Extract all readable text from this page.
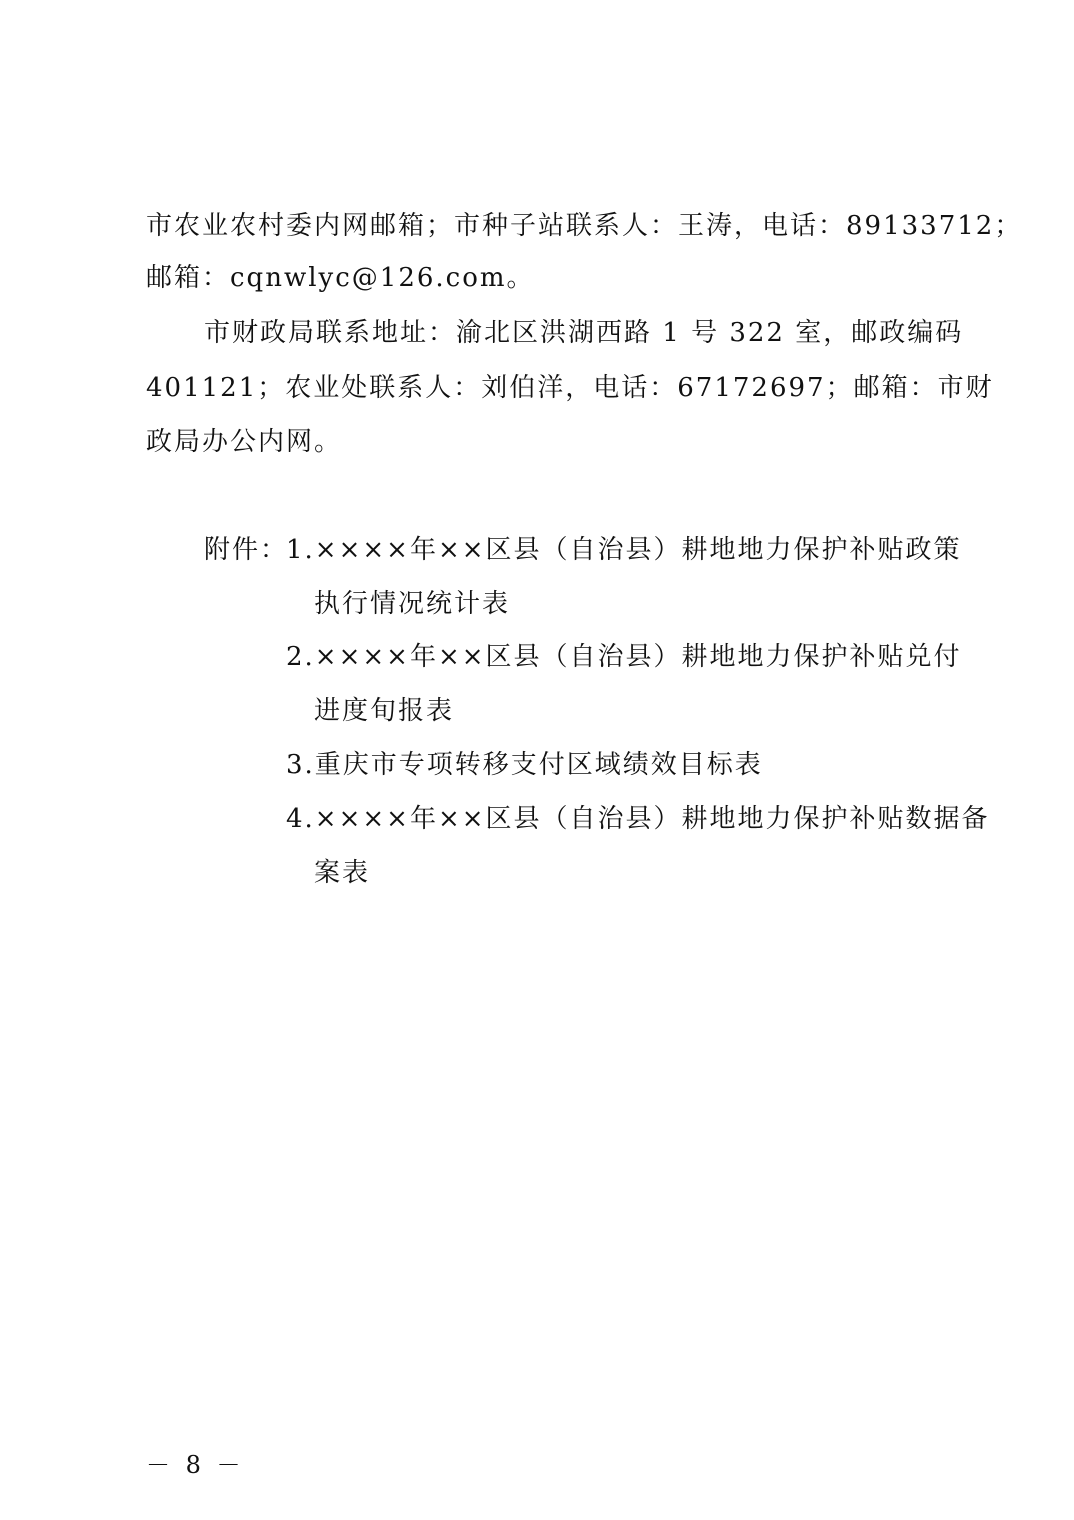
市农业农村委内网邮箱；市种子站联系人：王涛，电话：89133712；
邮箱：cqnwlyc@126.com。
市财政局联系地址：渝北区洪湖西路 1 号 322 室，邮政编码
401121；农业处联系人：刘伯洋，电话：67172697；邮箱：市财
政局办公内网。
附件：
1.××××年××区县（自治县）耕地地力保护补贴政策
执行情况统计表
2.××××年××区县（自治县）耕地地力保护补贴兑付
进度旬报表
3.重庆市专项转移支付区域绩效目标表
4.××××年××区县（自治县）耕地地力保护补贴数据备
案表
－ 8 －
